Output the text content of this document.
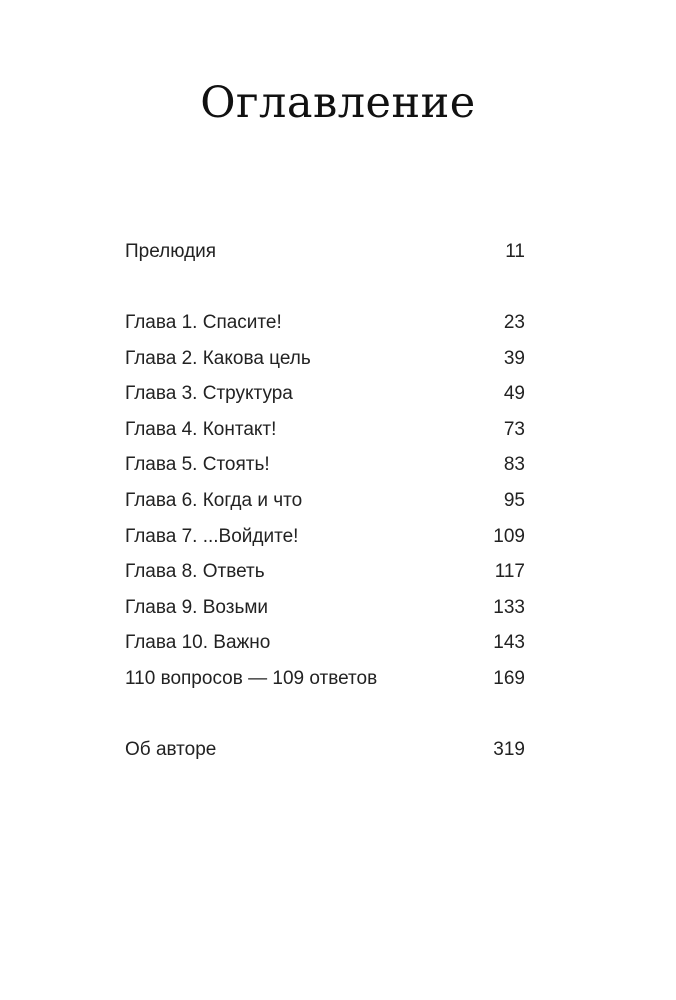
Оглавление
Прелюдия	11
Глава 1. Спасите!	23
Глава 2. Какова цель	39
Глава 3. Структура	49
Глава 4. Контакт!	73
Глава 5. Стоять!	83
Глава 6. Когда и что	95
Глава 7. ...Войдите!	109
Глава 8. Ответь	117
Глава 9. Возьми	133
Глава 10. Важно	143
110 вопросов — 109 ответов	169
Об авторе	319
